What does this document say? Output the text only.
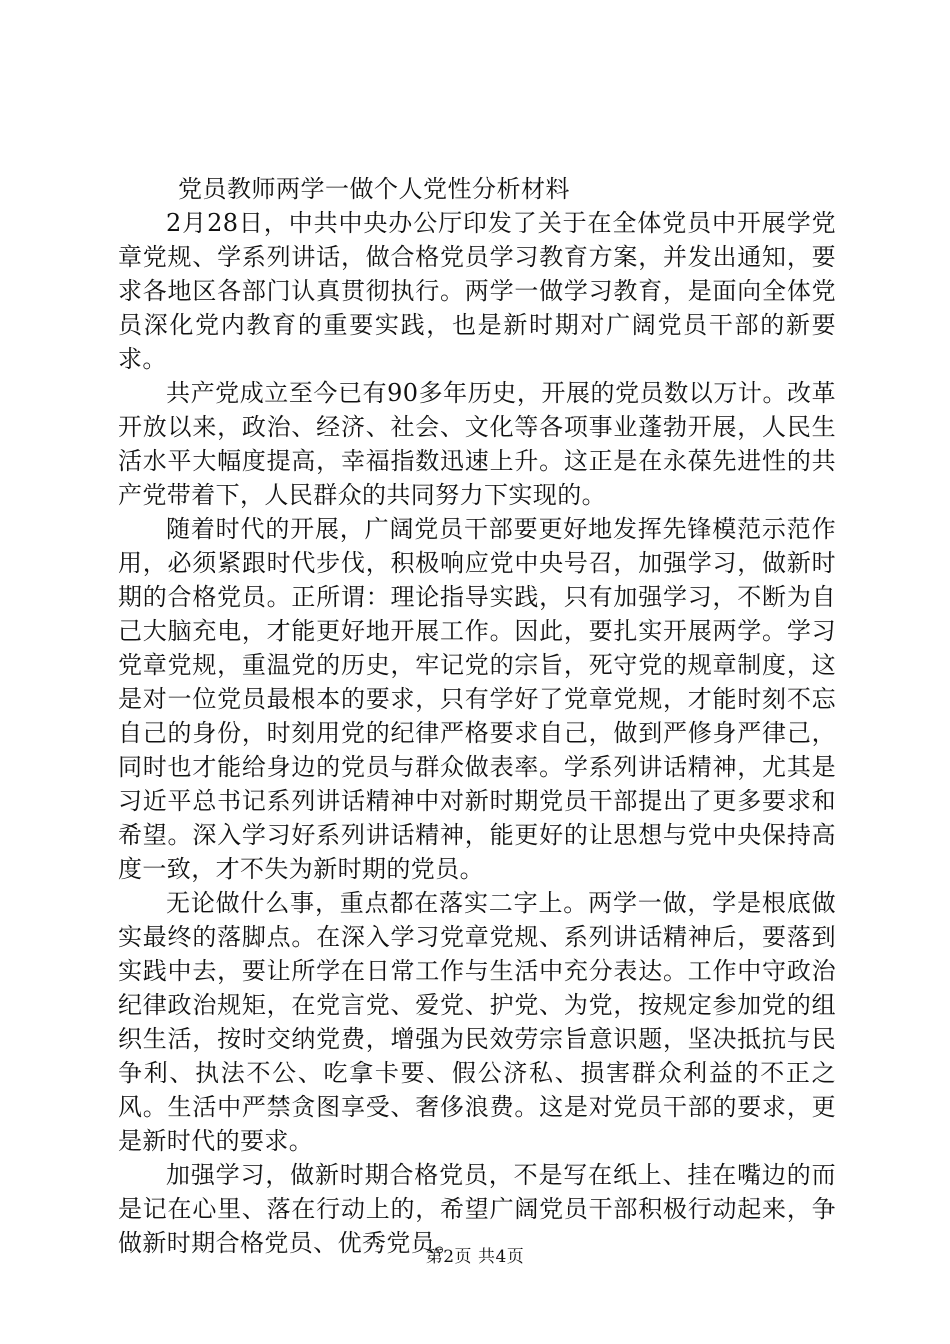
党员教师两学一做个人党性分析材料

2月28日，中共中央办公厅印发了关于在全体党员中开展学党章党规、学系列讲话，做合格党员学习教育方案，并发出通知，要求各地区各部门认真贯彻执行。两学一做学习教育，是面向全体党员深化党内教育的重要实践，也是新时期对广阔党员干部的新要求。

共产党成立至今已有90多年历史，开展的党员数以万计。改革开放以来，政治、经济、社会、文化等各项事业蓬勃开展，人民生活水平大幅度提高，幸福指数迅速上升。这正是在永葆先进性的共产党带着下，人民群众的共同努力下实现的。

随着时代的开展，广阔党员干部要更好地发挥先锋模范示范作用，必须紧跟时代步伐，积极响应党中央号召，加强学习，做新时期的合格党员。正所谓：理论指导实践，只有加强学习，不断为自己大脑充电，才能更好地开展工作。因此，要扎实开展两学。学习党章党规，重温党的历史，牢记党的宗旨，死守党的规章制度，这是对一位党员最根本的要求，只有学好了党章党规，才能时刻不忘自己的身份，时刻用党的纪律严格要求自己，做到严修身严律己，同时也才能给身边的党员与群众做表率。学系列讲话精神，尤其是习近平总书记系列讲话精神中对新时期党员干部提出了更多要求和希望。深入学习好系列讲话精神，能更好的让思想与党中央保持高度一致，才不失为新时期的党员。

无论做什么事，重点都在落实二字上。两学一做，学是根底做实最终的落脚点。在深入学习党章党规、系列讲话精神后，要落到实践中去，要让所学在日常工作与生活中充分表达。工作中守政治纪律政治规矩，在党言党、爱党、护党、为党，按规定参加党的组织生活，按时交纳党费，增强为民效劳宗旨意识题，坚决抵抗与民争利、执法不公、吃拿卡要、假公济私、损害群众利益的不正之风。生活中严禁贪图享受、奢侈浪费。这是对党员干部的要求，更是新时代的要求。

加强学习，做新时期合格党员，不是写在纸上、挂在嘴边的而是记在心里、落在行动上的，希望广阔党员干部积极行动起来，争做新时期合格党员、优秀党员。

第2页 共4页
